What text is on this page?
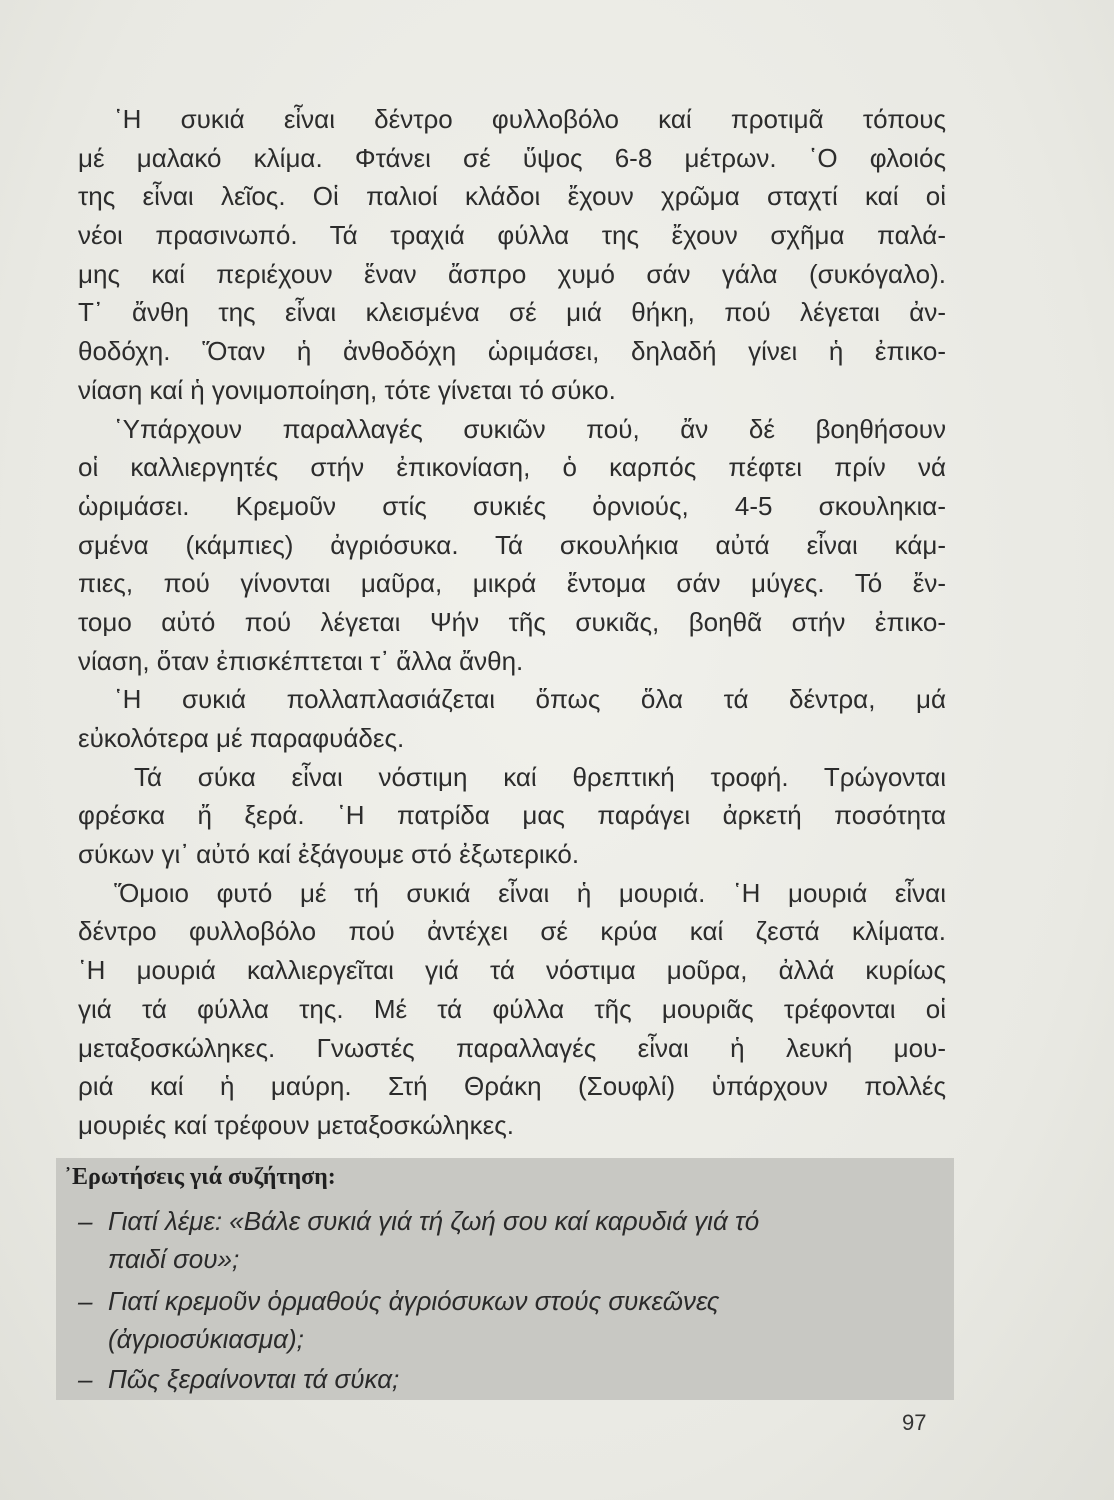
῾Η συκιά εἶναι δέντρο φυλλοβόλο καί προτιμᾶ τόπους
μέ μαλακό κλίμα. Φτάνει σέ ὕψος 6-8 μέτρων. ῾Ο φλοιός
της εἶναι λεῖος. Οἱ παλιοί κλάδοι ἔχουν χρῶμα σταχτί καί οἱ
νέοι πρασινωπό. Τά τραχιά φύλλα της ἔχουν σχῆμα παλά-
μης καί περιέχουν ἕναν ἄσπρο χυμό σάν γάλα (συκόγαλο).
Τ᾽ ἄνθη της εἶναι κλεισμένα σέ μιά θήκη, πού λέγεται ἀν-
θοδόχη. Ὅταν ἡ ἀνθοδόχη ὡριμάσει, δηλαδή γίνει ἡ ἐπικο-
νίαση καί ἡ γονιμοποίηση, τότε γίνεται τό σύκο.
῾Υπάρχουν παραλλαγές συκιῶν πού, ἄν δέ βοηθήσουν
οἱ καλλιεργητές στήν ἐπικονίαση, ὁ καρπός πέφτει πρίν νά
ὡριμάσει. Κρεμοῦν στίς συκιές ὀρνιούς, 4-5 σκουληκια-
σμένα (κάμπιες) ἀγριόσυκα. Τά σκουλήκια αὐτά εἶναι κάμ-
πιες, πού γίνονται μαῦρα, μικρά ἔντομα σάν μύγες. Τό ἔν-
τομο αὐτό πού λέγεται Ψήν τῆς συκιᾶς, βοηθᾶ στήν ἐπικο-
νίαση, ὅταν ἐπισκέπτεται τ᾽ ἄλλα ἄνθη.
῾Η συκιά πολλαπλασιάζεται ὅπως ὅλα τά δέντρα, μά
εὐκολότερα μέ παραφυάδες.
Τά σύκα εἶναι νόστιμη καί θρεπτική τροφή. Τρώγονται
φρέσκα ἤ ξερά. ῾Η πατρίδα μας παράγει ἀρκετή ποσότητα
σύκων γι᾽ αὐτό καί ἐξάγουμε στό ἐξωτερικό.
Ὅμοιο φυτό μέ τή συκιά εἶναι ἡ μουριά. ῾Η μουριά εἶναι
δέντρο φυλλοβόλο πού ἀντέχει σέ κρύα καί ζεστά κλίματα.
῾Η μουριά καλλιεργεῖται γιά τά νόστιμα μοῦρα, ἀλλά κυρίως
γιά τά φύλλα της. Μέ τά φύλλα τῆς μουριᾶς τρέφονται οἱ
μεταξοσκώληκες. Γνωστές παραλλαγές εἶναι ἡ λευκή μου-
ριά καί ἡ μαύρη. Στή Θράκη (Σουφλί) ὑπάρχουν πολλές
μουριές καί τρέφουν μεταξοσκώληκες.
᾽Ερωτήσεις γιά συζήτηση:
– Γιατί λέμε: «Βάλε συκιά γιά τή ζωή σου καί καρυδιά γιά τό
παιδί σου»;
– Γιατί κρεμοῦν ὁρμαθούς ἀγριόσυκων στούς συκεῶνες
(ἀγριοσύκιασμα);
– Πῶς ξεραίνονται τά σύκα;
97
